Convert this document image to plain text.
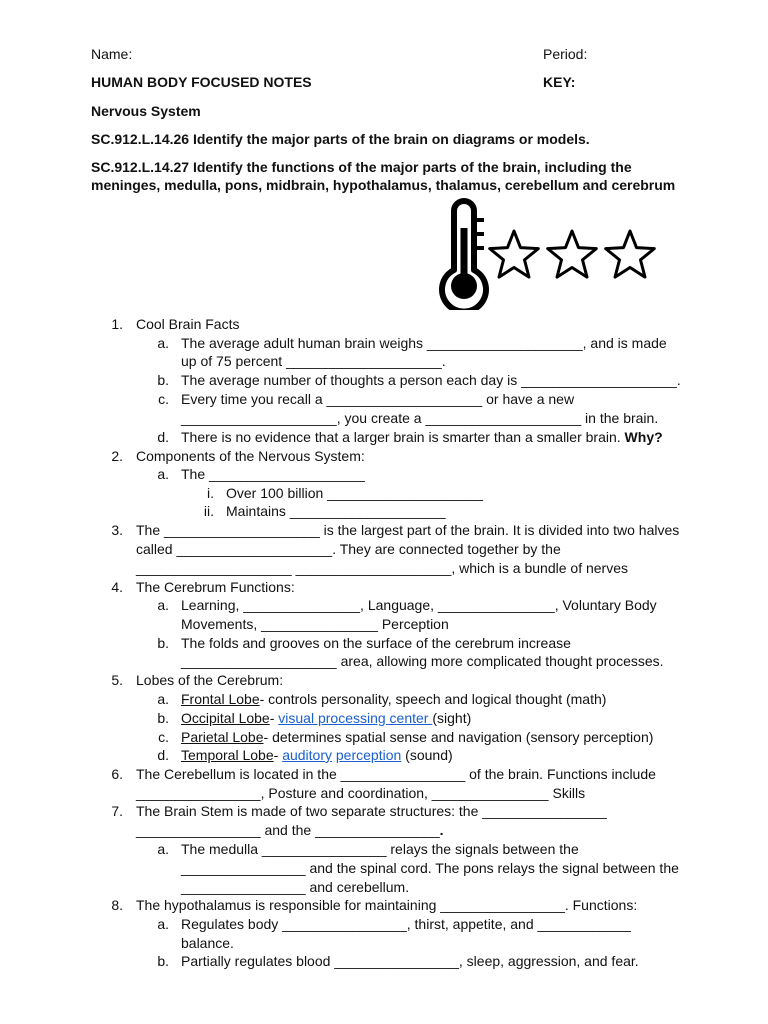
Name:	Period:
HUMAN BODY FOCUSED NOTES	KEY:
Nervous System
SC.912.L.14.26 Identify the major parts of the brain on diagrams or models.
SC.912.L.14.27 Identify the functions of the major parts of the brain, including the
meninges, medulla, pons, midbrain, hypothalamus, thalamus, cerebellum and cerebrum
1. Cool Brain Facts
a. The average adult human brain weighs ____________________, and is made
up of 75 percent ____________________.
b. The average number of thoughts a person each day is ____________________.
c. Every time you recall a ____________________ or have a new
____________________, you create a ____________________ in the brain.
d. There is no evidence that a larger brain is smarter than a smaller brain. Why?
2. Components of the Nervous System:
a. The ____________________
i. Over 100 billion ____________________
ii. Maintains ____________________
3. The ____________________ is the largest part of the brain. It is divided into two halves
called ____________________. They are connected together by the
____________________ ____________________, which is a bundle of nerves
4. The Cerebrum Functions:
a. Learning, _______________, Language, _______________, Voluntary Body
Movements, _______________ Perception
b. The folds and grooves on the surface of the cerebrum increase
____________________ area, allowing more complicated thought processes.
5. Lobes of the Cerebrum:
a. Frontal Lobe- controls personality, speech and logical thought (math)
b. Occipital Lobe- visual processing center (sight)
c. Parietal Lobe- determines spatial sense and navigation (sensory perception)
d. Temporal Lobe- auditory perception (sound)
6. The Cerebellum is located in the ________________ of the brain. Functions include
________________, Posture and coordination, _______________ Skills
7. The Brain Stem is made of two separate structures: the ________________
________________ and the ________________.
a. The medulla ________________ relays the signals between the
________________ and the spinal cord. The pons relays the signal between the
________________ and cerebellum.
8. The hypothalamus is responsible for maintaining ________________. Functions:
a. Regulates body ________________, thirst, appetite, and ____________
balance.
b. Partially regulates blood ________________, sleep, aggression, and fear.
